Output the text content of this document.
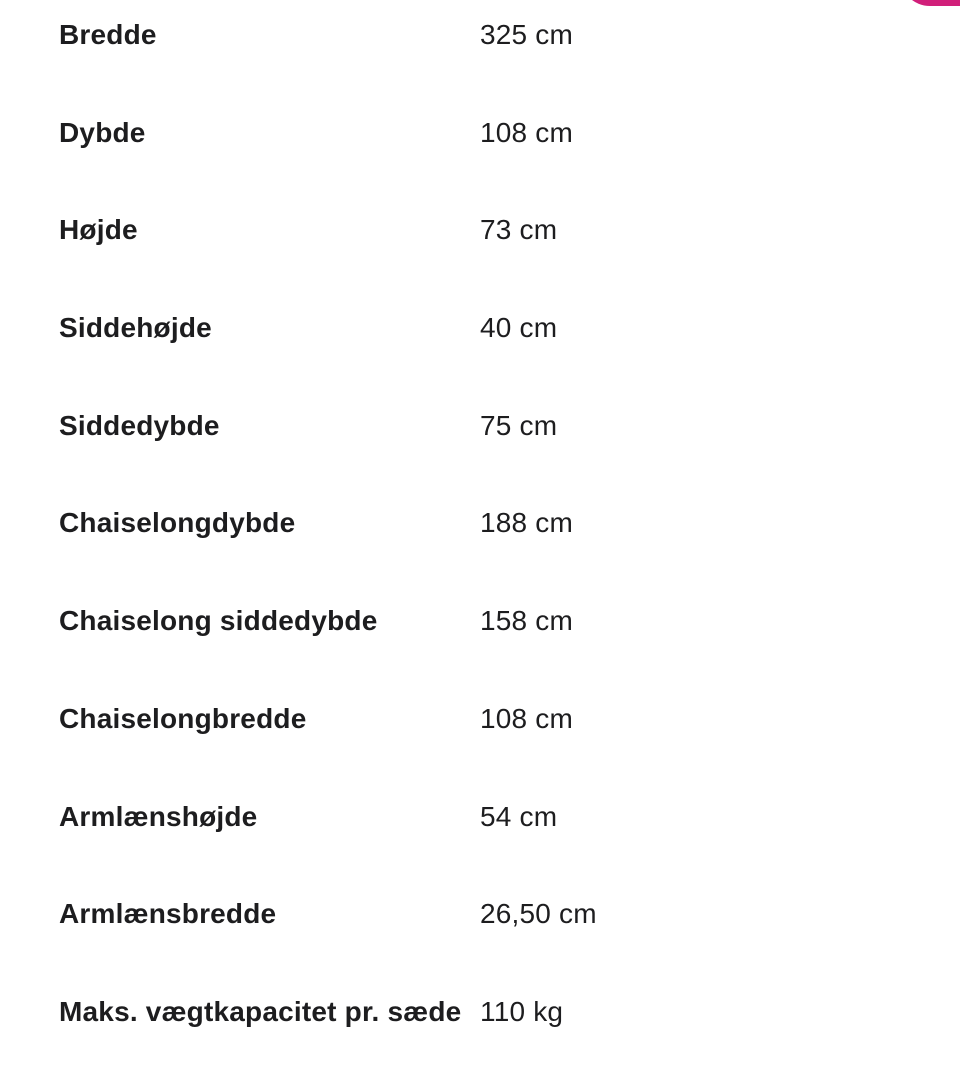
Bredde	325 cm
Dybde	108 cm
Højde	73 cm
Siddehøjde	40 cm
Siddedybde	75 cm
Chaiselongdybde	188 cm
Chaiselong siddedybde	158 cm
Chaiselongbredde	108 cm
Armlænshøjde	54 cm
Armlænsbredde	26,50 cm
Maks. vægtkapacitet pr. sæde 110 kg
